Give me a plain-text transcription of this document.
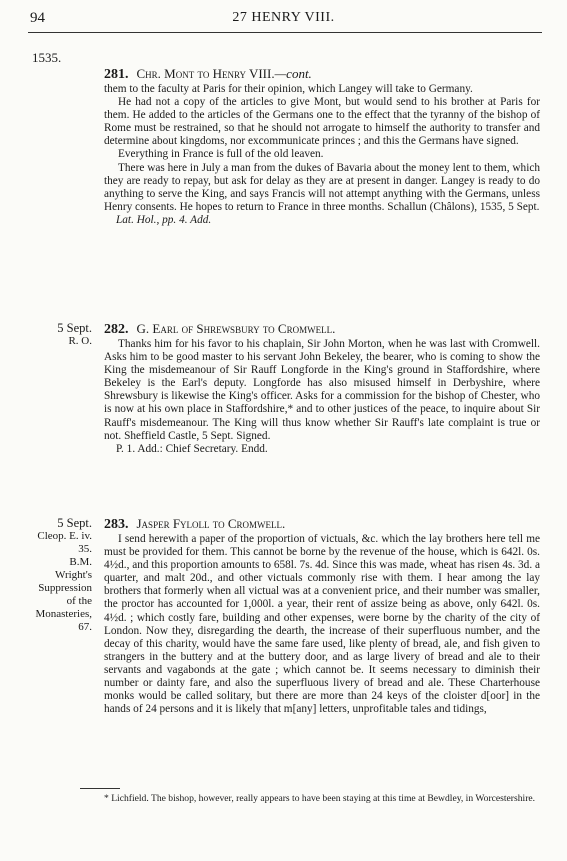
94	27 HENRY VIII.
1535.

281. Chr. Mont to Henry VIII.—cont.

them to the faculty at Paris for their opinion, which Langey will take to Germany.

He had not a copy of the articles to give Mont, but would send to his brother at Paris for them. He added to the articles of the Germans one to the effect that the tyranny of the bishop of Rome must be restrained, so that he should not arrogate to himself the authority to transfer and determine about kingdoms, nor excommunicate princes ; and this the Germans have signed.

Everything in France is full of the old leaven.

There was here in July a man from the dukes of Bavaria about the money lent to them, which they are ready to repay, but ask for delay as they are at present in danger. Langey is ready to do anything to serve the King, and says Francis will not attempt anything with the Germans, unless Henry consents. He hopes to return to France in three months. Schallun (Châlons), 1535, 5 Sept.

Lat. Hol., pp. 4. Add.

5 Sept.
R. O.

282. G. Earl of Shrewsbury to Cromwell.

Thanks him for his favor to his chaplain, Sir John Morton, when he was last with Cromwell. Asks him to be good master to his servant John Bekeley, the bearer, who is coming to show the King the misdemeanour of Sir Rauff Longforde in the King's ground in Staffordshire, where Bekeley is the Earl's deputy. Longforde has also misused himself in Derbyshire, where Shrewsbury is likewise the King's officer. Asks for a commission for the bishop of Chester, who is now at his own place in Staffordshire,* and to other justices of the peace, to inquire about Sir Rauff's misdemeanour. The King will thus know whether Sir Rauff's late complaint is true or not. Sheffield Castle, 5 Sept. Signed.

P. 1. Add.: Chief Secretary. Endd.

5 Sept.
Cleop. E. iv.
35.
B.M.
Wright's
Suppression
of the
Monasteries,
67.

283. Jasper Fyloll to Cromwell.

I send herewith a paper of the proportion of victuals, &c. which the lay brothers here tell me must be provided for them. This cannot be borne by the revenue of the house, which is 642l. 0s. 4½d., and this proportion amounts to 658l. 7s. 4d. Since this was made, wheat has risen 4s. 3d. a quarter, and malt 20d., and other victuals commonly rise with them. I hear among the lay brothers that formerly when all victual was at a convenient price, and their number was smaller, the proctor has accounted for 1,000l. a year, their rent of assize being as above, only 642l. 0s. 4½d. ; which costly fare, building and other expenses, were borne by the charity of the city of London. Now they, disregarding the dearth, the increase of their superfluous number, and the decay of this charity, would have the same fare used, like plenty of bread, ale, and fish given to strangers in the buttery and at the buttery door, and as large livery of bread and ale to their servants and vagabonds at the gate ; which cannot be. It seems necessary to diminish their number or dainty fare, and also the superfluous livery of bread and ale. These Charterhouse monks would be called solitary, but there are more than 24 keys of the cloister d[oor] in the hands of 24 persons and it is likely that m[any] letters, unprofitable tales and tidings,

* Lichfield. The bishop, however, really appears to have been staying at this time at Bewdley, in Worcestershire.
